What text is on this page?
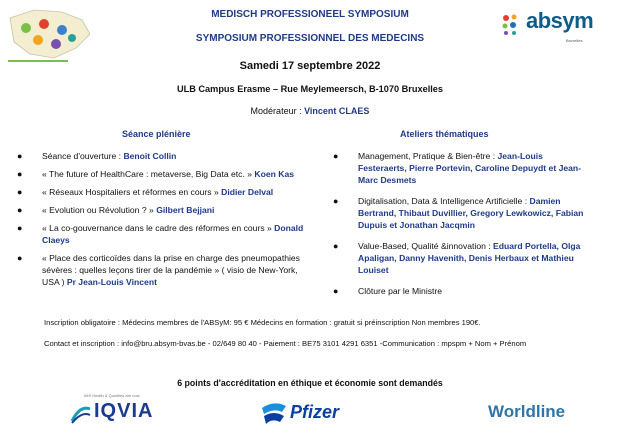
absym
Bruxelles
MEDISCH PROFESSIONEEL SYMPOSIUM
SYMPOSIUM PROFESSIONNEL DES MEDECINS
Samedi 17 septembre 2022
ULB Campus Erasme – Rue Meylemeersch, B-1070 Bruxelles
Modérateur : Vincent CLAES
Séance plénière	Ateliers thématiques
● Séance d'ouverture : Benoit Collin
● « The future of HealthCare : metaverse, Big Data etc. » Koen Kas
● « Réseaux Hospitaliers et réformes en cours » Didier Delval
● « Evolution ou Révolution ? » Gilbert Bejjani
● « La co-gouvernance dans le cadre des réformes en cours » Donald Claeys
● « Place des corticoïdes dans la prise en charge des pneumopathies sévères : quelles leçons tirer de la pandémie » ( visio de New-York, USA ) Pr Jean-Louis Vincent
● Management, Pratique & Bien-être : Jean-Louis Festeraerts, Pierre Portevin, Caroline Depuydt et Jean-Marc Desmets
● Digitalisation, Data & Intelligence Artificielle : Damien Bertrand, Thibaut Duvillier, Gregory Lewkowicz, Fabian Dupuis et Jonathan Jacqmin
● Value-Based, Qualité &innovation : Eduard Portella, Olga Apaligan, Danny Havenith, Denis Herbaux et Mathieu Louiset
● Clôture par le Ministre
Inscription obligatoire : Médecins membres de l'ABSyM: 95 € Médecins en formation : gratuit si préinscription Non membres 190€.
Contact et inscription : info@bru.absym-bvas.be - 02/649 80 40 - Paiement : BE75 3101 4291 6351 -Communication : mpspm + Nom + Prénom
6 points d'accréditation en éthique et économie sont demandés
IMS Health & Quintiles are now
IQVIA	Pfizer	Worldline
